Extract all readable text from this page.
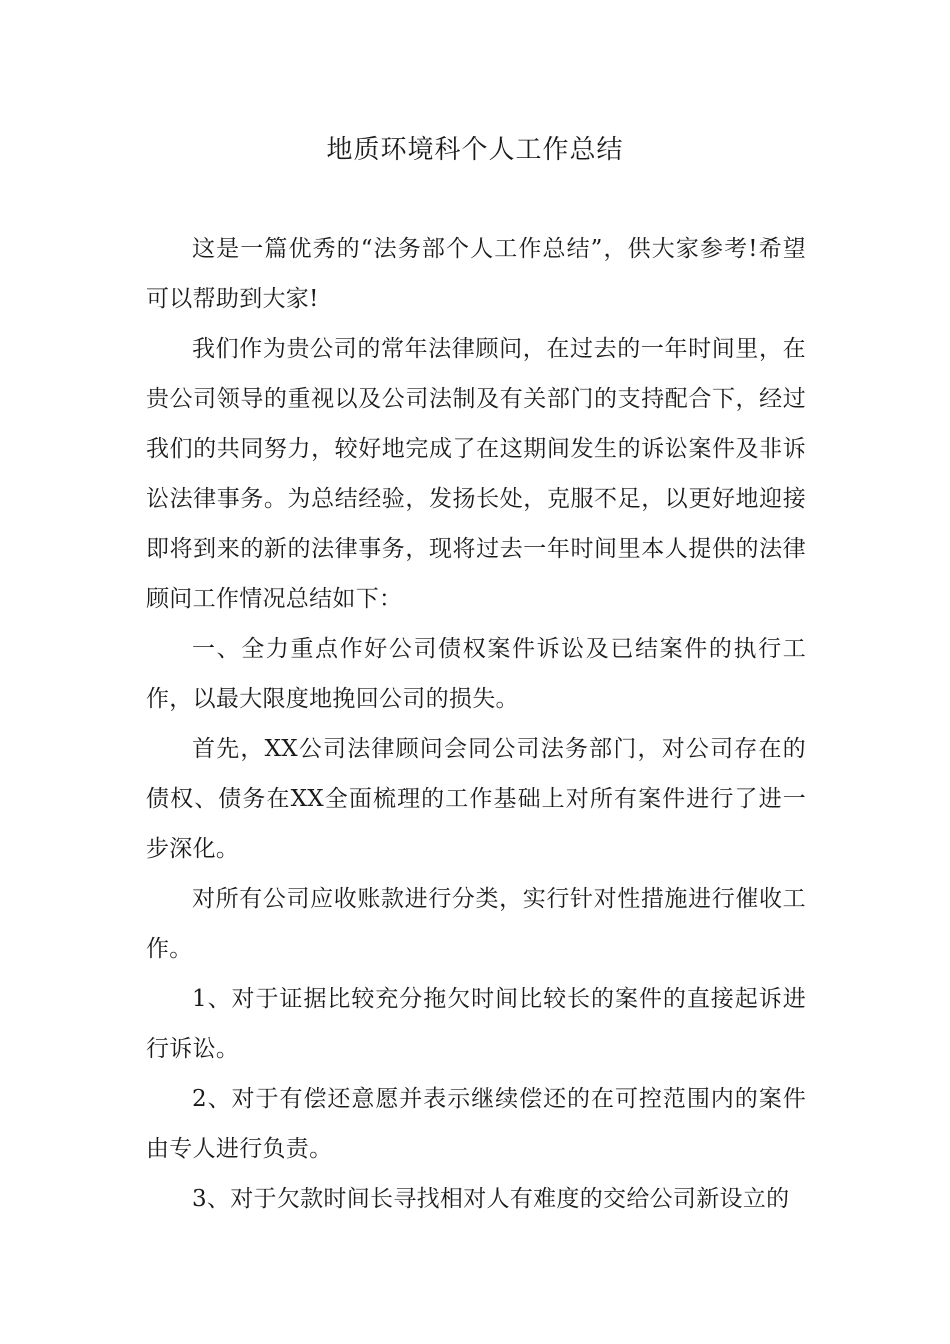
地质环境科个人工作总结

这是一篇优秀的“法务部个人工作总结”，供大家参考!希望可以帮助到大家!

我们作为贵公司的常年法律顾问，在过去的一年时间里，在贵公司领导的重视以及公司法制及有关部门的支持配合下，经过我们的共同努力，较好地完成了在这期间发生的诉讼案件及非诉讼法律事务。为总结经验，发扬长处，克服不足，以更好地迎接即将到来的新的法律事务，现将过去一年时间里本人提供的法律顾问工作情况总结如下：

一、全力重点作好公司债权案件诉讼及已结案件的执行工作，以最大限度地挽回公司的损失。

首先，XX公司法律顾问会同公司法务部门，对公司存在的债权、债务在XX全面梳理的工作基础上对所有案件进行了进一步深化。

对所有公司应收账款进行分类，实行针对性措施进行催收工作。

1、对于证据比较充分拖欠时间比较长的案件的直接起诉进行诉讼。

2、对于有偿还意愿并表示继续偿还的在可控范围内的案件由专人进行负责。

3、对于欠款时间长寻找相对人有难度的交给公司新设立的
